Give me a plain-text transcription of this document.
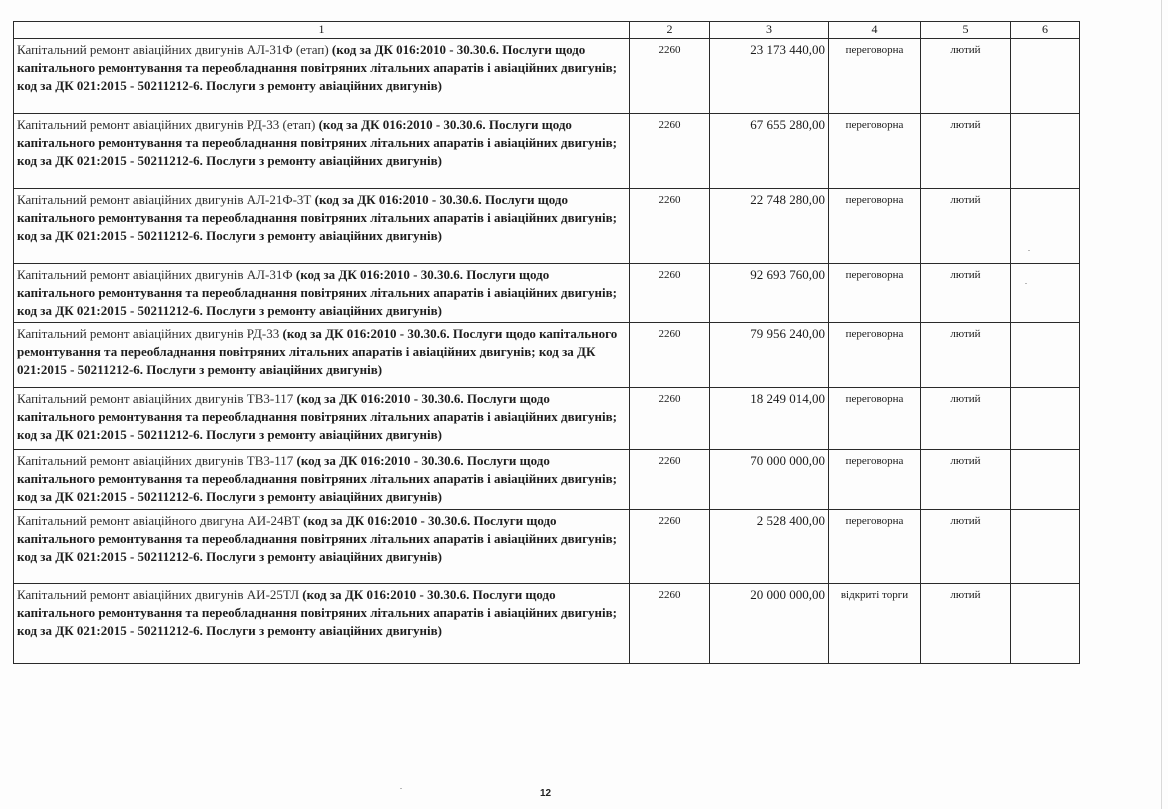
1	2	3	4	5	6
Капітальний ремонт авіаційних двигунів АЛ-31Ф (етап) (код за ДК 016:2010 - 30.30.6. Послуги щодо капітального ремонтування та переобладнання повітряних літальних апаратів і авіаційних двигунів; код за ДК 021:2015 - 50211212-6. Послуги з ремонту авіаційних двигунів)	2260	23 173 440,00	переговорна	лютий	
Капітальний ремонт авіаційних двигунів РД-33 (етап) (код за ДК 016:2010 - 30.30.6. Послуги щодо капітального ремонтування та переобладнання повітряних літальних апаратів і авіаційних двигунів; код за ДК 021:2015 - 50211212-6. Послуги з ремонту авіаційних двигунів)	2260	67 655 280,00	переговорна	лютий	
Капітальний ремонт авіаційних двигунів АЛ-21Ф-3Т (код за ДК 016:2010 - 30.30.6. Послуги щодо капітального ремонтування та переобладнання повітряних літальних апаратів і авіаційних двигунів; код за ДК 021:2015 - 50211212-6. Послуги з ремонту авіаційних двигунів)	2260	22 748 280,00	переговорна	лютий	
Капітальний ремонт авіаційних двигунів АЛ-31Ф (код за ДК 016:2010 - 30.30.6. Послуги щодо капітального ремонтування та переобладнання повітряних літальних апаратів і авіаційних двигунів; код за ДК 021:2015 - 50211212-6. Послуги з ремонту авіаційних двигунів)	2260	92 693 760,00	переговорна	лютий	
Капітальний ремонт авіаційних двигунів РД-33 (код за ДК 016:2010 - 30.30.6. Послуги щодо капітального ремонтування та переобладнання повітряних літальних апаратів і авіаційних двигунів; код за ДК 021:2015 - 50211212-6. Послуги з ремонту авіаційних двигунів)	2260	79 956 240,00	переговорна	лютий	
Капітальний ремонт авіаційних двигунів ТВ3-117 (код за ДК 016:2010 - 30.30.6. Послуги щодо капітального ремонтування та переобладнання повітряних літальних апаратів і авіаційних двигунів; код за ДК 021:2015 - 50211212-6. Послуги з ремонту авіаційних двигунів)	2260	18 249 014,00	переговорна	лютий	
Капітальний ремонт авіаційних двигунів ТВ3-117 (код за ДК 016:2010 - 30.30.6. Послуги щодо капітального ремонтування та переобладнання повітряних літальних апаратів і авіаційних двигунів; код за ДК 021:2015 - 50211212-6. Послуги з ремонту авіаційних двигунів)	2260	70 000 000,00	переговорна	лютий	
Капітальний ремонт авіаційного двигуна АИ-24ВТ (код за ДК 016:2010 - 30.30.6. Послуги щодо капітального ремонтування та переобладнання повітряних літальних апаратів і авіаційних двигунів; код за ДК 021:2015 - 50211212-6. Послуги з ремонту авіаційних двигунів)	2260	2 528 400,00	переговорна	лютий	
Капітальний ремонт авіаційних двигунів АИ-25ТЛ (код за ДК 016:2010 - 30.30.6. Послуги щодо капітального ремонтування та переобладнання повітряних літальних апаратів і авіаційних двигунів; код за ДК 021:2015 - 50211212-6. Послуги з ремонту авіаційних двигунів)	2260	20 000 000,00	відкриті торги	лютий	
12
